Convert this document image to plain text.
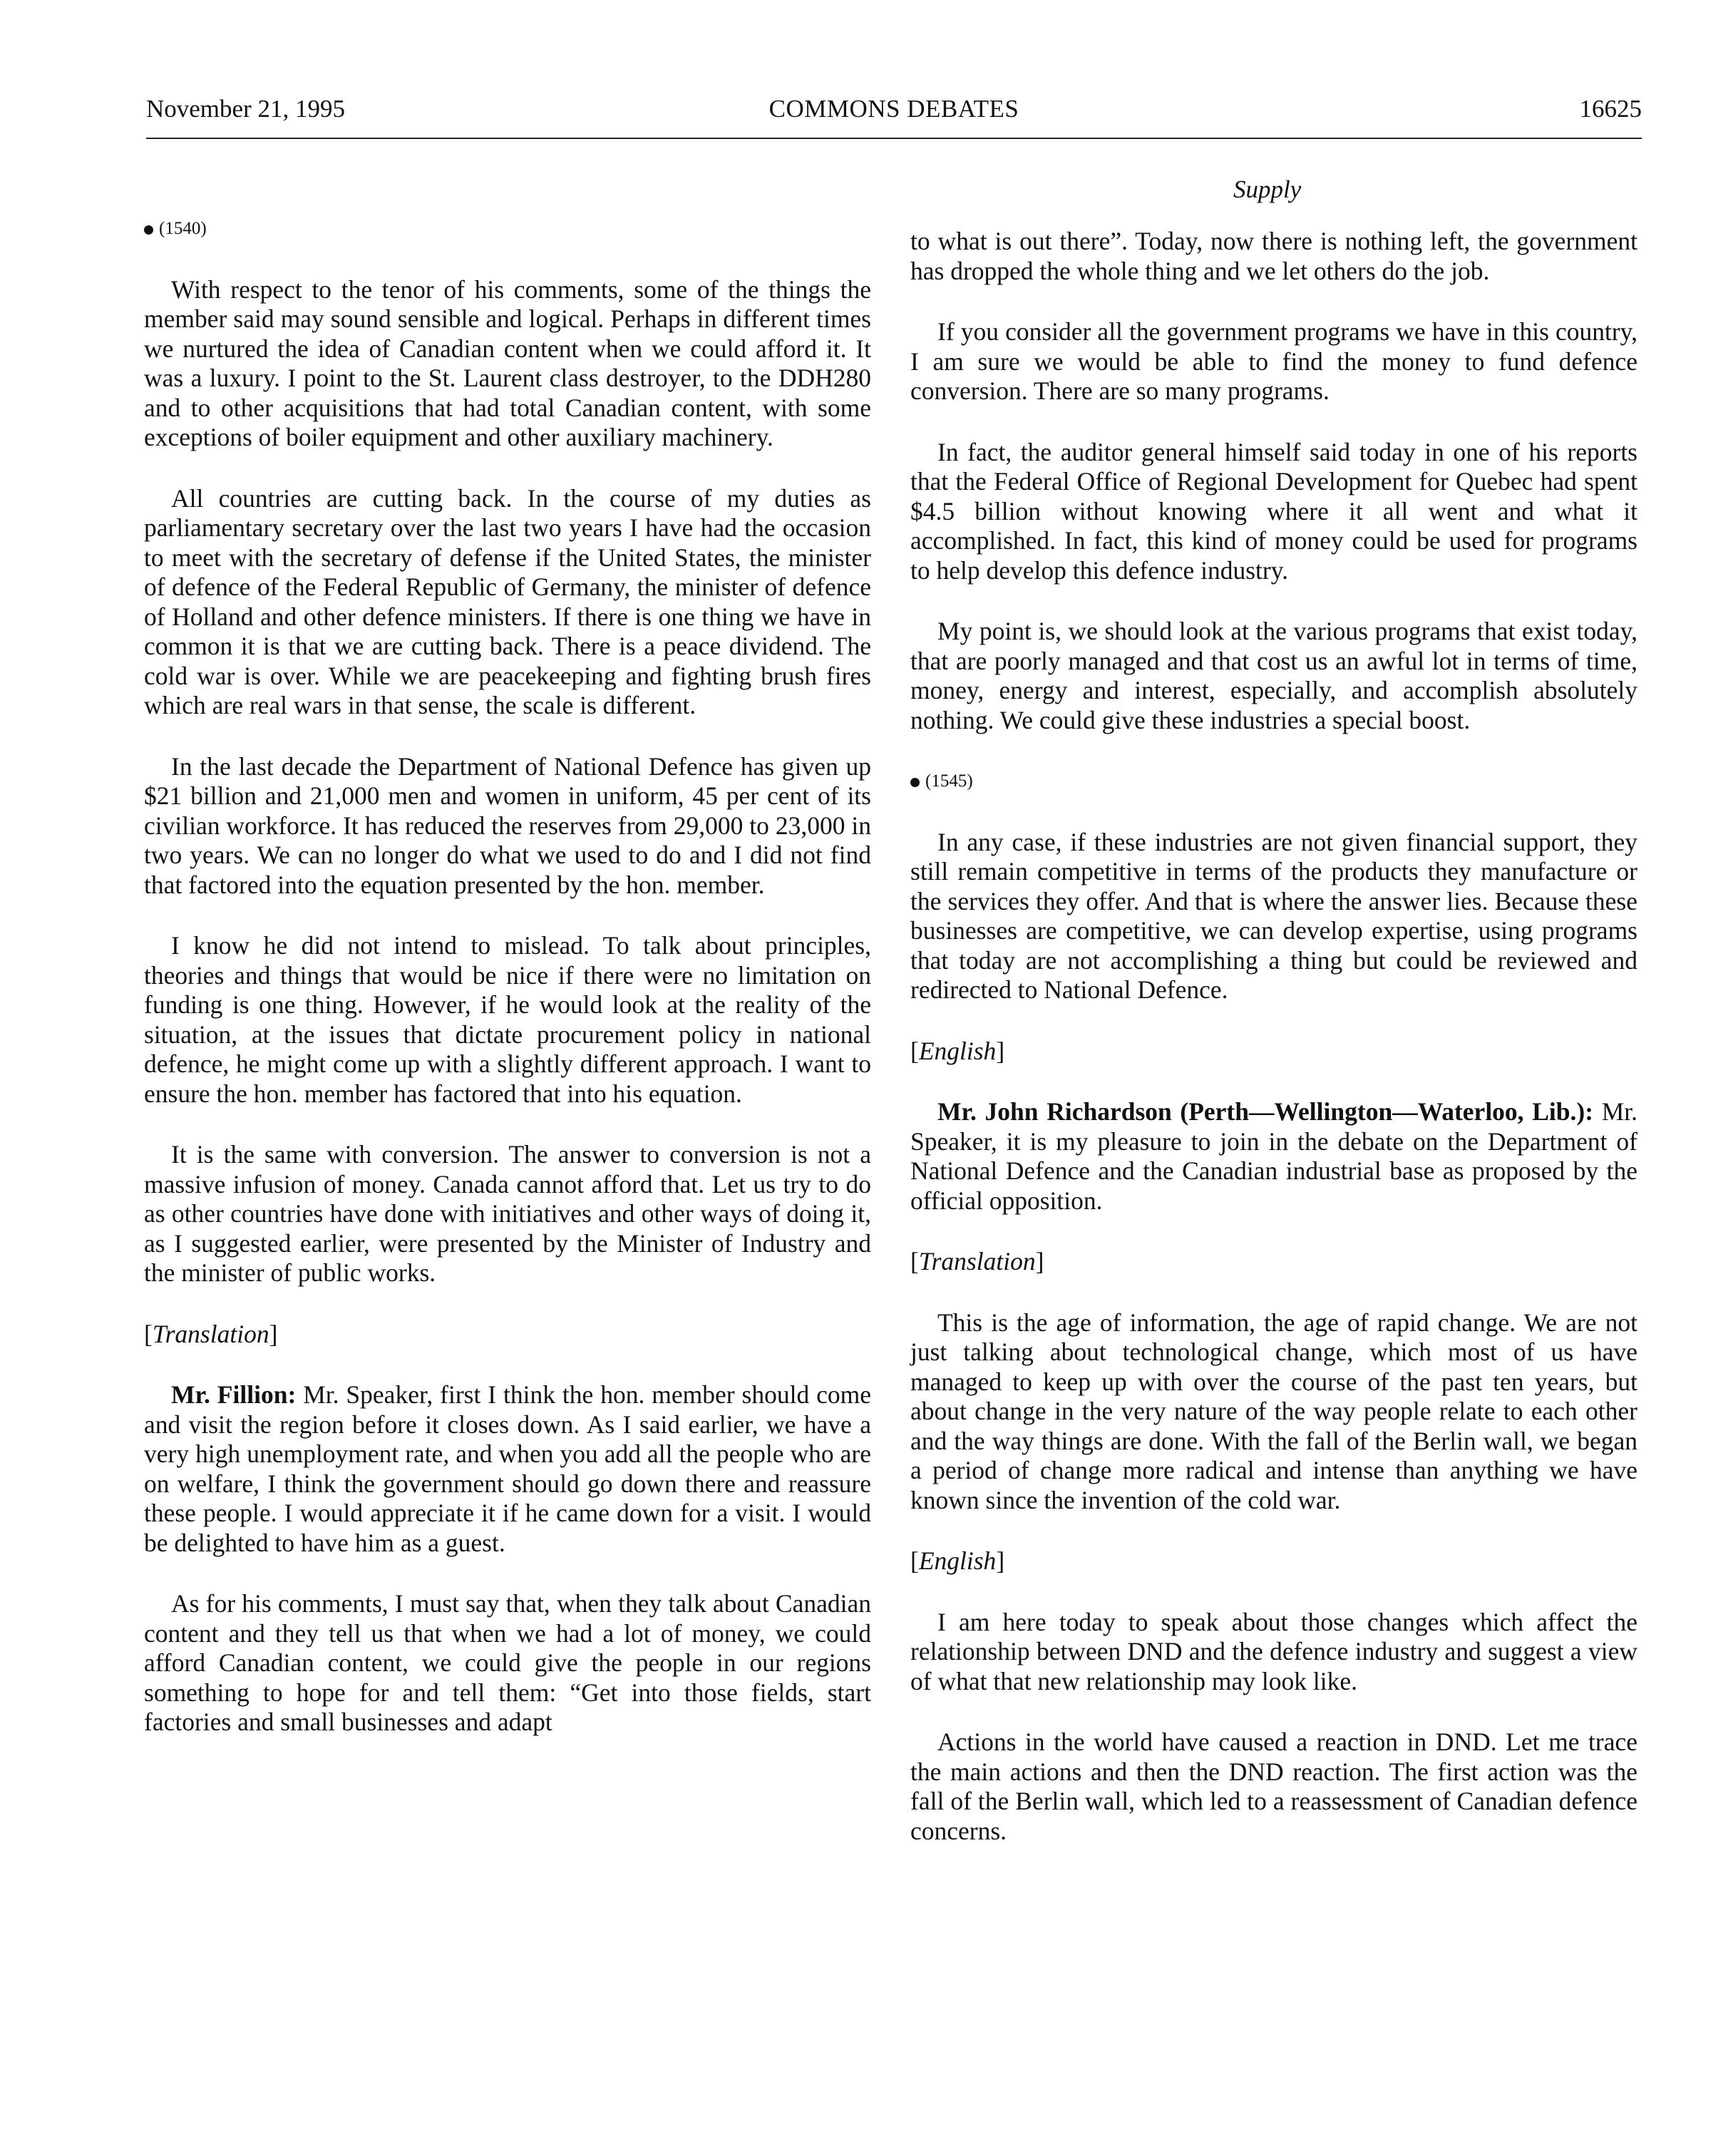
November 21, 1995	COMMONS DEBATES	16625
Supply
(1540)

With respect to the tenor of his comments, some of the things the member said may sound sensible and logical. Perhaps in different times we nurtured the idea of Canadian content when we could afford it. It was a luxury. I point to the St. Laurent class destroyer, to the DDH280 and to other acquisitions that had total Canadian content, with some exceptions of boiler equipment and other auxiliary machinery.

All countries are cutting back. In the course of my duties as parliamentary secretary over the last two years I have had the occasion to meet with the secretary of defense if the United States, the minister of defence of the Federal Republic of Germany, the minister of defence of Holland and other defence ministers. If there is one thing we have in common it is that we are cutting back. There is a peace dividend. The cold war is over. While we are peacekeeping and fighting brush fires which are real wars in that sense, the scale is different.

In the last decade the Department of National Defence has given up $21 billion and 21,000 men and women in uniform, 45 per cent of its civilian workforce. It has reduced the reserves from 29,000 to 23,000 in two years. We can no longer do what we used to do and I did not find that factored into the equation presented by the hon. member.

I know he did not intend to mislead. To talk about principles, theories and things that would be nice if there were no limitation on funding is one thing. However, if he would look at the reality of the situation, at the issues that dictate procurement policy in national defence, he might come up with a slightly different approach. I want to ensure the hon. member has factored that into his equation.

It is the same with conversion. The answer to conversion is not a massive infusion of money. Canada cannot afford that. Let us try to do as other countries have done with initiatives and other ways of doing it, as I suggested earlier, were presented by the Minister of Industry and the minister of public works.

[Translation]

Mr. Fillion: Mr. Speaker, first I think the hon. member should come and visit the region before it closes down. As I said earlier, we have a very high unemployment rate, and when you add all the people who are on welfare, I think the government should go down there and reassure these people. I would appreciate it if he came down for a visit. I would be delighted to have him as a guest.

As for his comments, I must say that, when they talk about Canadian content and they tell us that when we had a lot of money, we could afford Canadian content, we could give the people in our regions something to hope for and tell them: “Get into those fields, start factories and small businesses and adapt

to what is out there”. Today, now there is nothing left, the government has dropped the whole thing and we let others do the job.

If you consider all the government programs we have in this country, I am sure we would be able to find the money to fund defence conversion. There are so many programs.

In fact, the auditor general himself said today in one of his reports that the Federal Office of Regional Development for Quebec had spent $4.5 billion without knowing where it all went and what it accomplished. In fact, this kind of money could be used for programs to help develop this defence industry.

My point is, we should look at the various programs that exist today, that are poorly managed and that cost us an awful lot in terms of time, money, energy and interest, especially, and accomplish absolutely nothing. We could give these industries a special boost.

(1545)

In any case, if these industries are not given financial support, they still remain competitive in terms of the products they manufacture or the services they offer. And that is where the answer lies. Because these businesses are competitive, we can develop expertise, using programs that today are not accomplishing a thing but could be reviewed and redirected to National Defence.

[English]

Mr. John Richardson (Perth—Wellington—Waterloo, Lib.): Mr. Speaker, it is my pleasure to join in the debate on the Department of National Defence and the Canadian industrial base as proposed by the official opposition.

[Translation]

This is the age of information, the age of rapid change. We are not just talking about technological change, which most of us have managed to keep up with over the course of the past ten years, but about change in the very nature of the way people relate to each other and the way things are done. With the fall of the Berlin wall, we began a period of change more radical and intense than anything we have known since the invention of the cold war.

[English]

I am here today to speak about those changes which affect the relationship between DND and the defence industry and suggest a view of what that new relationship may look like.

Actions in the world have caused a reaction in DND. Let me trace the main actions and then the DND reaction. The first action was the fall of the Berlin wall, which led to a reassessment of Canadian defence concerns.
